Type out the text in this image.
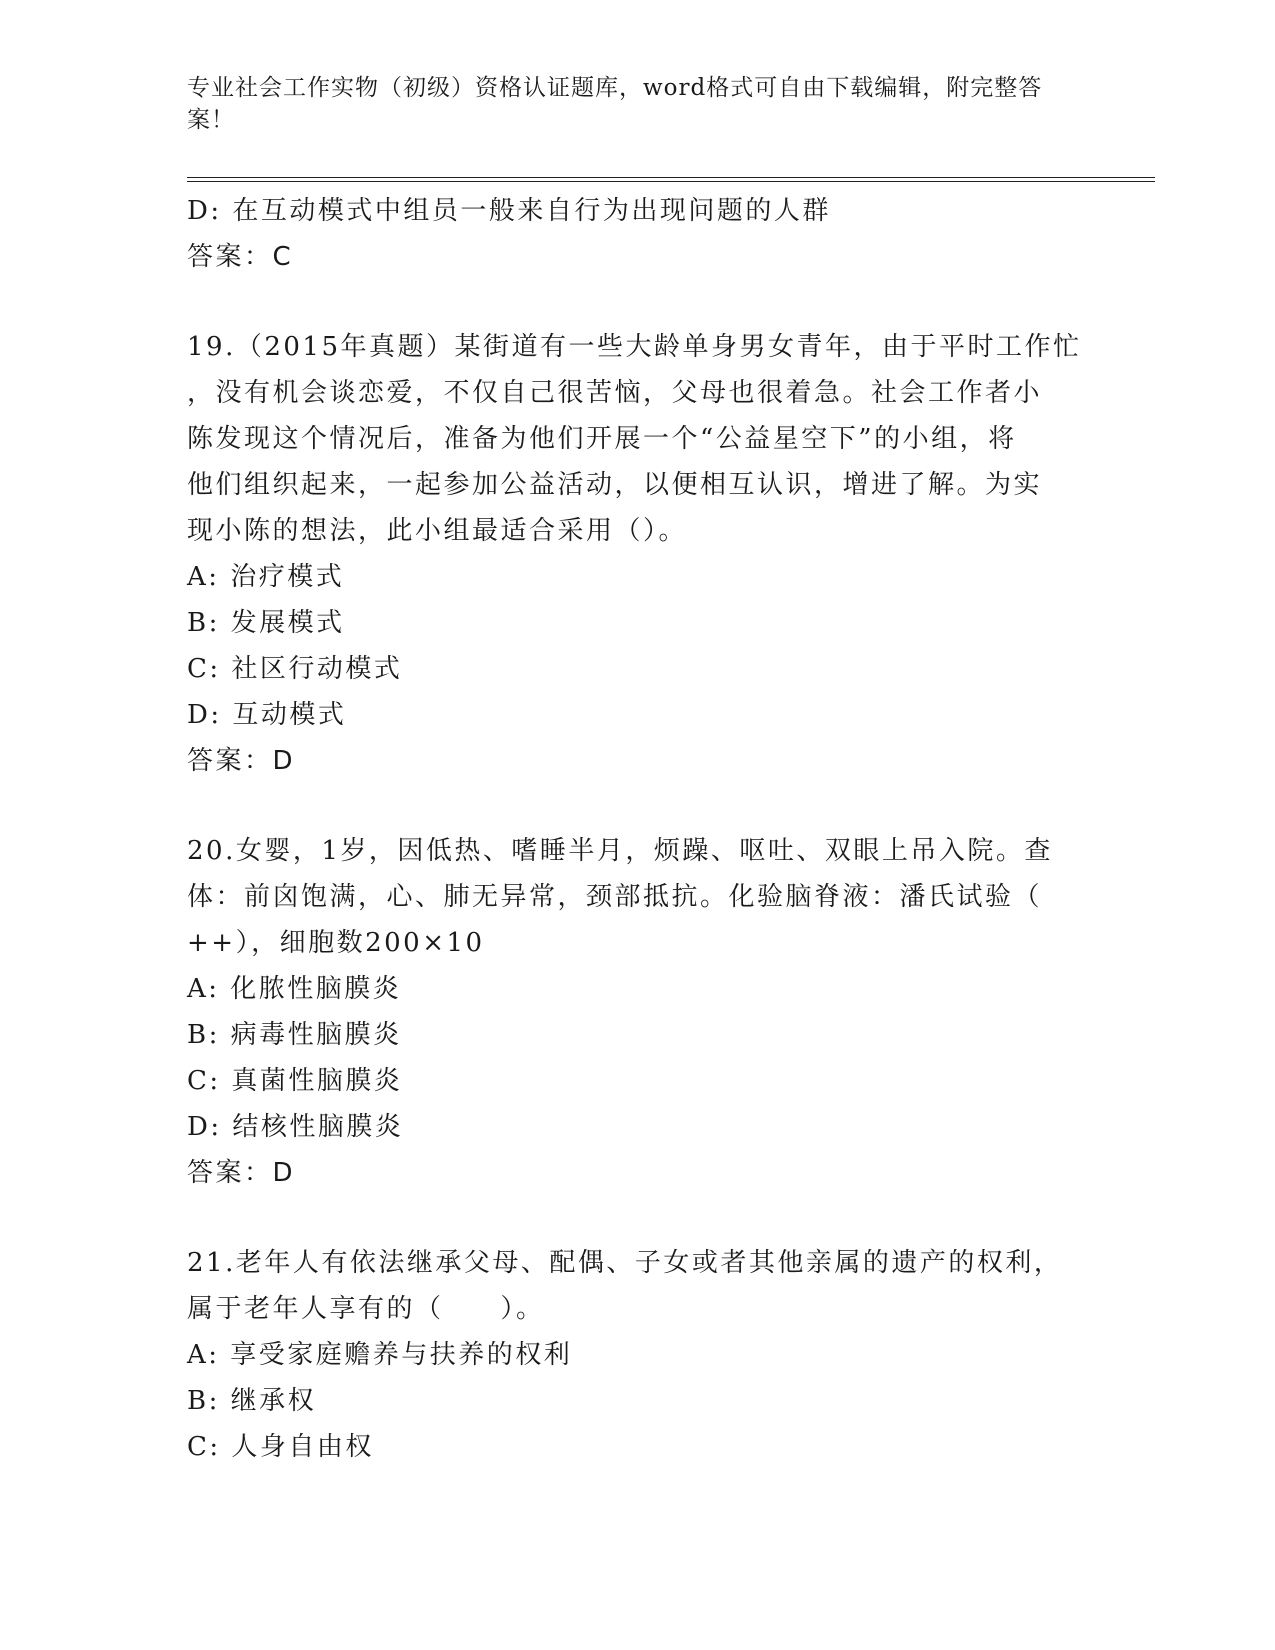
专业社会工作实物（初级）资格认证题库，word格式可自由下载编辑，附完整答
案！
D: 在互动模式中组员一般来自行为出现问题的人群
答案：C
19.（2015年真题）某街道有一些大龄单身男女青年，由于平时工作忙
，没有机会谈恋爱，不仅自己很苦恼，父母也很着急。社会工作者小
陈发现这个情况后，准备为他们开展一个“公益星空下”的小组，将
他们组织起来，一起参加公益活动，以便相互认识，增进了解。为实
现小陈的想法，此小组最适合采用（）。
A: 治疗模式
B: 发展模式
C: 社区行动模式
D: 互动模式
答案：D
20.女婴，1岁，因低热、嗜睡半月，烦躁、呕吐、双眼上吊入院。查
体：前囟饱满，心、肺无异常，颈部抵抗。化验脑脊液：潘氏试验（
++），细胞数200×10
A: 化脓性脑膜炎
B: 病毒性脑膜炎
C: 真菌性脑膜炎
D: 结核性脑膜炎
答案：D
21.老年人有依法继承父母、配偶、子女或者其他亲属的遗产的权利，
属于老年人享有的（　　）。
A: 享受家庭赡养与扶养的权利
B: 继承权
C: 人身自由权
